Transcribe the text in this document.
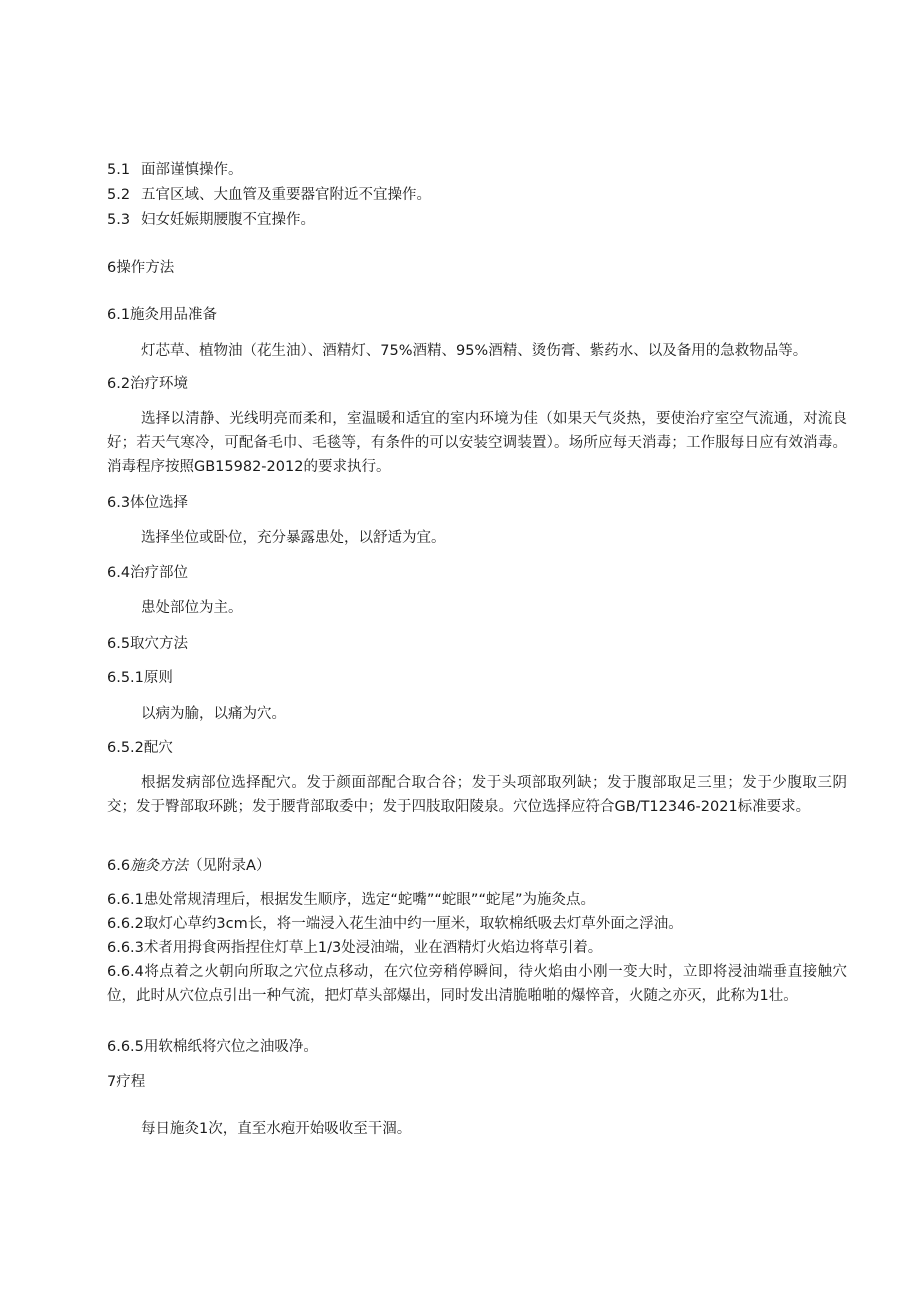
5.1 面部谨慎操作。
5.2 五官区域、大血管及重要器官附近不宜操作。
5.3 妇女妊娠期腰腹不宜操作。
6操作方法
6.1施灸用品准备
灯芯草、植物油（花生油）、酒精灯、75%酒精、95%酒精、烫伤膏、紫药水、以及备用的急救物品等。
6.2治疗环境
选择以清静、光线明亮而柔和，室温暖和适宜的室内环境为佳（如果天气炎热，要使治疗室空气流通，对流良好；若天气寒冷，可配备毛巾、毛毯等，有条件的可以安装空调装置）。场所应每天消毒；工作服每日应有效消毒。消毒程序按照GB15982-2012的要求执行。
6.3体位选择
选择坐位或卧位，充分暴露患处，以舒适为宜。
6.4治疗部位
患处部位为主。
6.5取穴方法
6.5.1原则
以病为腧，以痛为穴。
6.5.2配穴
根据发病部位选择配穴。发于颜面部配合取合谷；发于头项部取列缺；发于腹部取足三里；发于少腹取三阴交；发于臀部取环跳；发于腰背部取委中；发于四肢取阳陵泉。穴位选择应符合GB/T12346-2021标准要求。
6.6施灸方法（见附录A）
6.6.1患处常规清理后，根据发生顺序，选定“蛇嘴”“蛇眼”“蛇尾”为施灸点。
6.6.2取灯心草约3cm长，将一端浸入花生油中约一厘米，取软棉纸吸去灯草外面之浮油。
6.6.3术者用拇食两指捏住灯草上1/3处浸油端，业在酒精灯火焰边将草引着。
6.6.4将点着之火朝向所取之穴位点移动，在穴位旁稍停瞬间，待火焰由小刚一变大时，立即将浸油端垂直接触穴位，此时从穴位点引出一种气流，把灯草头部爆出，同时发出清脆啪啪的爆悴音，火随之亦灭，此称为1壮。
6.6.5用软棉纸将穴位之油吸净。
7疗程
每日施灸1次，直至水疱开始吸收至干涸。
